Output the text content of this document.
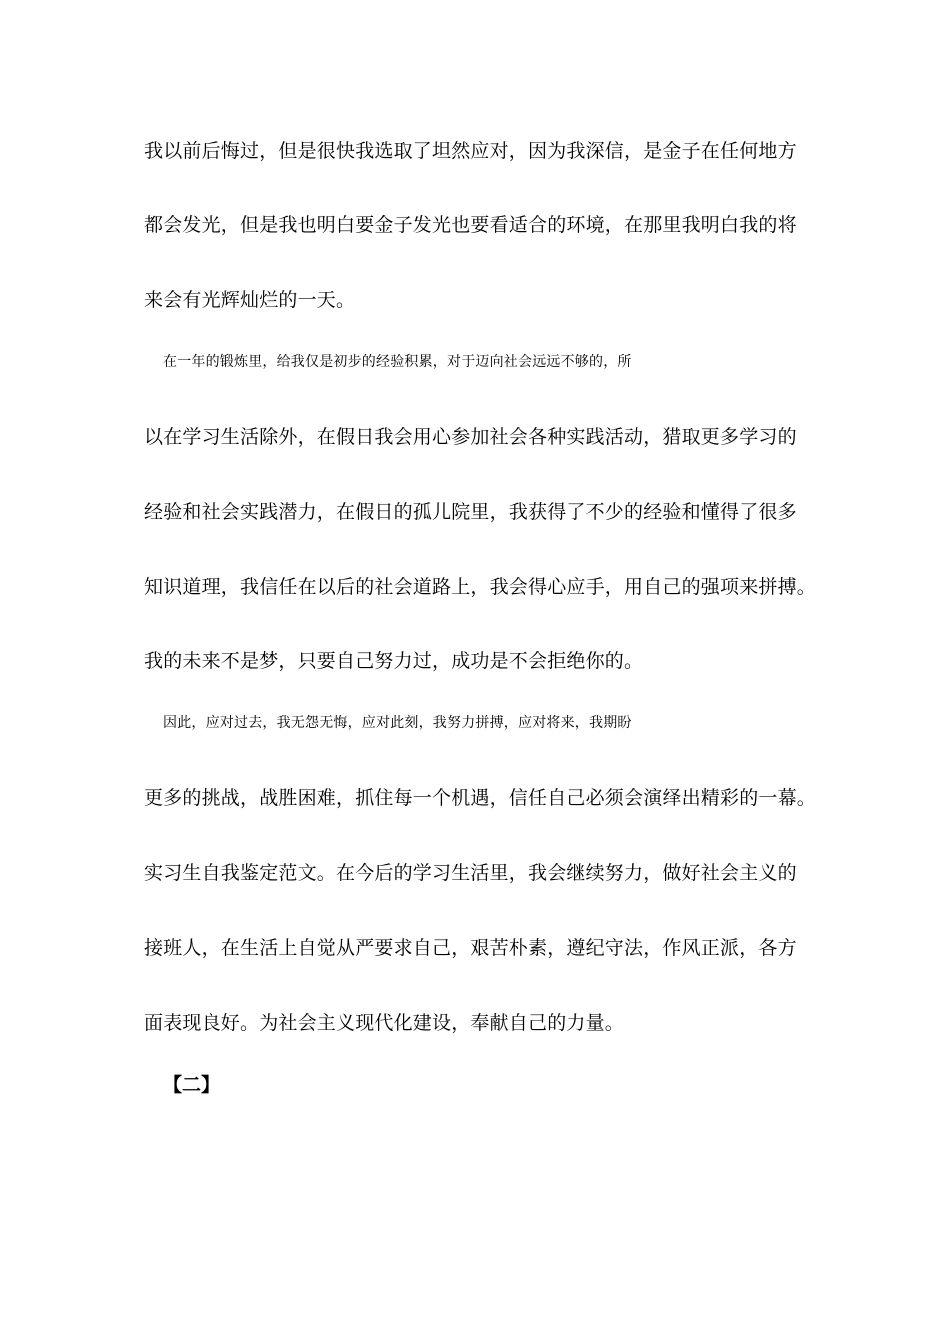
我以前后悔过，但是很快我选取了坦然应对，因为我深信，是金子在任何地方
都会发光，但是我也明白要金子发光也要看适合的环境，在那里我明白我的将
来会有光辉灿烂的一天。
在一年的锻炼里，给我仅是初步的经验积累，对于迈向社会远远不够的，所
以在学习生活除外，在假日我会用心参加社会各种实践活动，猎取更多学习的
经验和社会实践潜力，在假日的孤儿院里，我获得了不少的经验和懂得了很多
知识道理，我信任在以后的社会道路上，我会得心应手，用自己的强项来拼搏。
我的未来不是梦，只要自己努力过，成功是不会拒绝你的。
因此，应对过去，我无怨无悔，应对此刻，我努力拼搏，应对将来，我期盼
更多的挑战，战胜困难，抓住每一个机遇，信任自己必须会演绎出精彩的一幕。
实习生自我鉴定范文。在今后的学习生活里，我会继续努力，做好社会主义的
接班人，在生活上自觉从严要求自己，艰苦朴素，遵纪守法，作风正派，各方
面表现良好。为社会主义现代化建设，奉献自己的力量。
【二】
